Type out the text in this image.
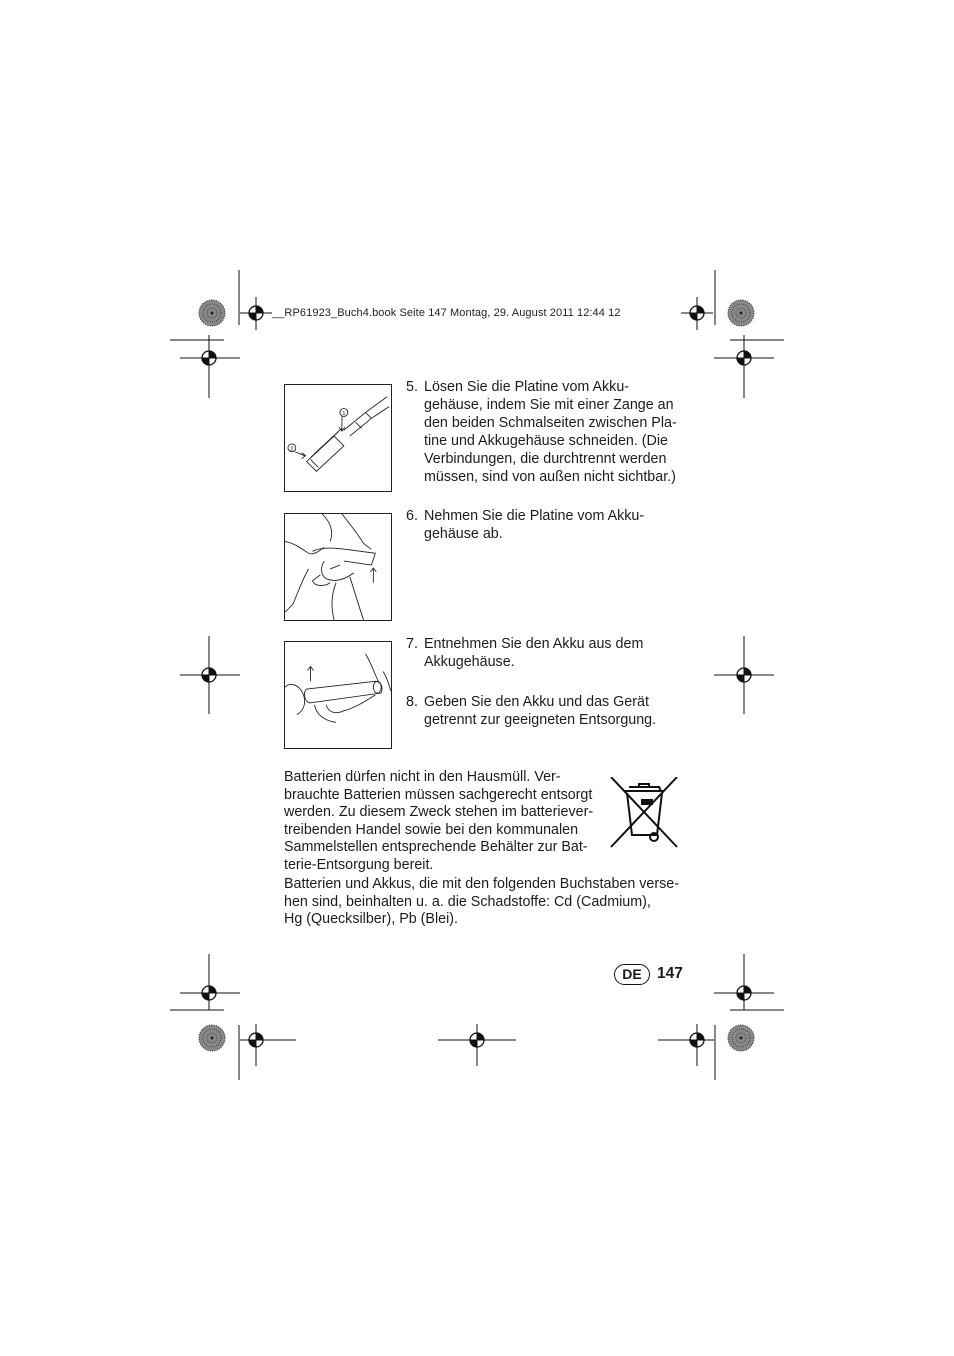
__RP61923_Buch4.book Seite 147 Montag, 29. August 2011 12:44 12
1
2
5. Lösen Sie die Platine vom Akku-
gehäuse, indem Sie mit einer Zange an
den beiden Schmalseiten zwischen Pla-
tine und Akkugehäuse schneiden. (Die
Verbindungen, die durchtrennt werden
müssen, sind von außen nicht sichtbar.)
6. Nehmen Sie die Platine vom Akku-
gehäuse ab.
7. Entnehmen Sie den Akku aus dem
Akkugehäuse.
8. Geben Sie den Akku und das Gerät
getrennt zur geeigneten Entsorgung.
Batterien dürfen nicht in den Hausmüll. Ver-
brauchte Batterien müssen sachgerecht entsorgt
werden. Zu diesem Zweck stehen im batteriever-
treibenden Handel sowie bei den kommunalen
Sammelstellen entsprechende Behälter zur Bat-
terie-Entsorgung bereit.
Batterien und Akkus, die mit den folgenden Buchstaben verse-
hen sind, beinhalten u. a. die Schadstoffe: Cd (Cadmium),
Hg (Quecksilber), Pb (Blei).
DE 147
